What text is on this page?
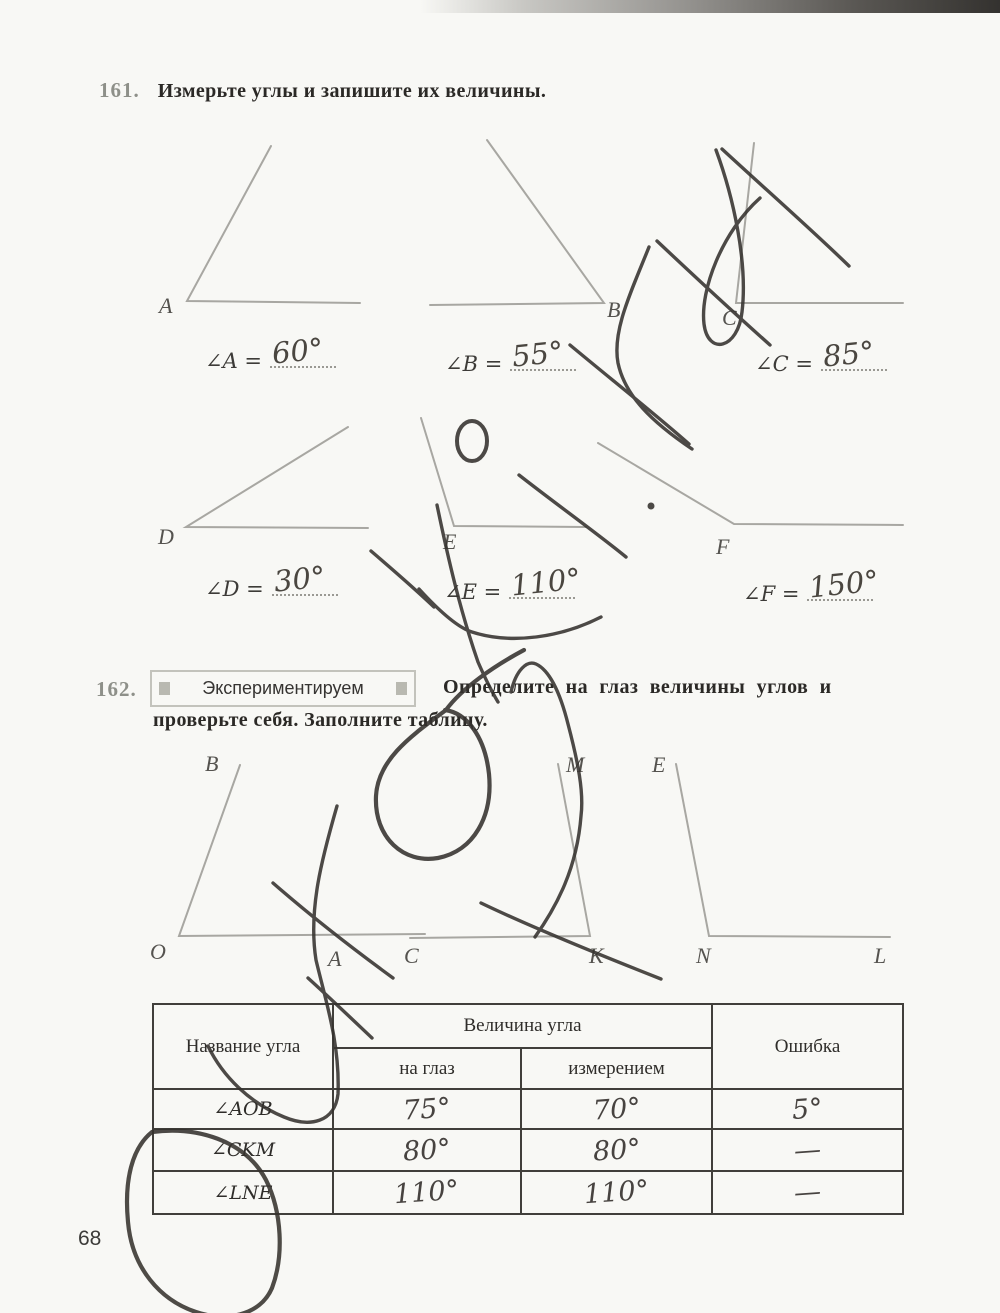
161. Измерьте углы и запишите их величины.
A	B	C
D	E	F
∠A = 60°	∠B = 55°	∠C = 85°
∠D = 30°	∠E = 110°	∠F = 150°
162.	Экспериментируем	Определите на глаз величины углов и
проверьте себя. Заполните таблицу.
B
O	A
M
C	K
E
N	L
Название угла	Величина угла		Ошибка
	на глаз	измерением	
∠AOB	75°	70°	5°
∠CKM	80°	80°	—
∠LNE	110°	110°	—
68
